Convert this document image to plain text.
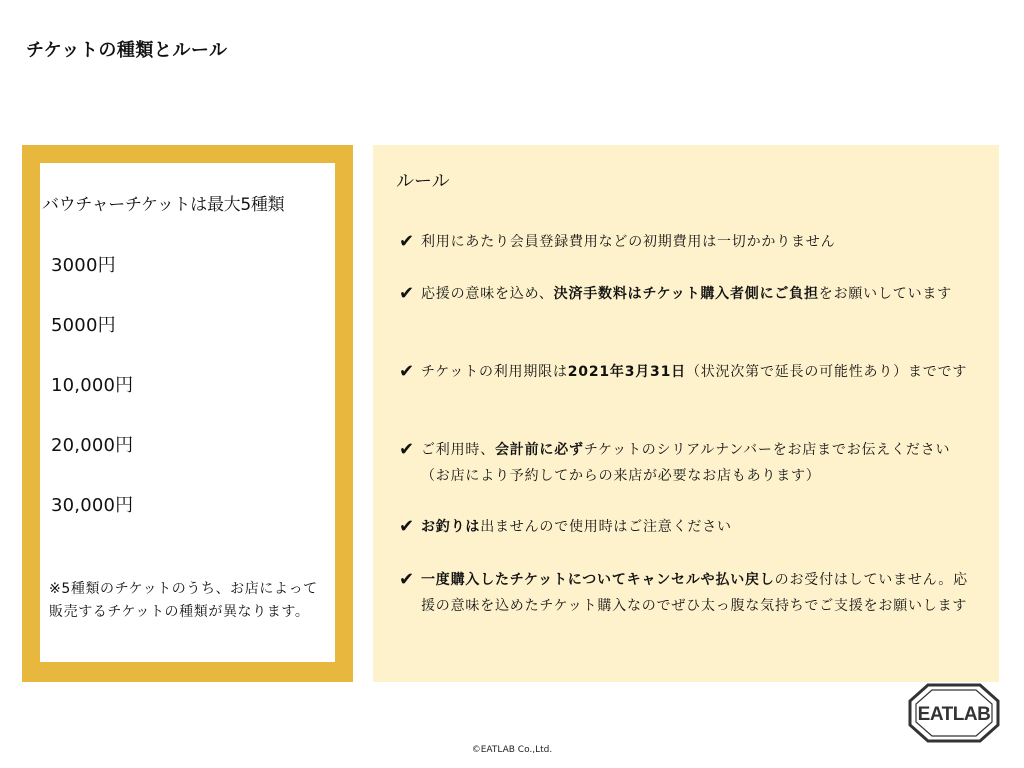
チケットの種類とルール
バウチャーチケットは最大5種類
3000円
5000円
10,000円
20,000円
30,000円
※5種類のチケットのうち、お店によって販売するチケットの種類が異なります。
ルール
✔ 利用にあたり会員登録費用などの初期費用は一切かかりません
✔ 応援の意味を込め、決済手数料はチケット購入者側にご負担をお願いしています
✔ チケットの利用期限は2021年3月31日（状況次第で延長の可能性あり）までです
✔ ご利用時、会計前に必ずチケットのシリアルナンバーをお店までお伝えください（お店により予約してからの来店が必要なお店もあります）
✔ お釣りは出ませんので使用時はご注意ください
✔ 一度購入したチケットについてキャンセルや払い戻しのお受付はしていません。応援の意味を込めたチケット購入なのでぜひ太っ腹な気持ちでご支援をお願いします
EATLAB
©EATLAB Co.,Ltd.
